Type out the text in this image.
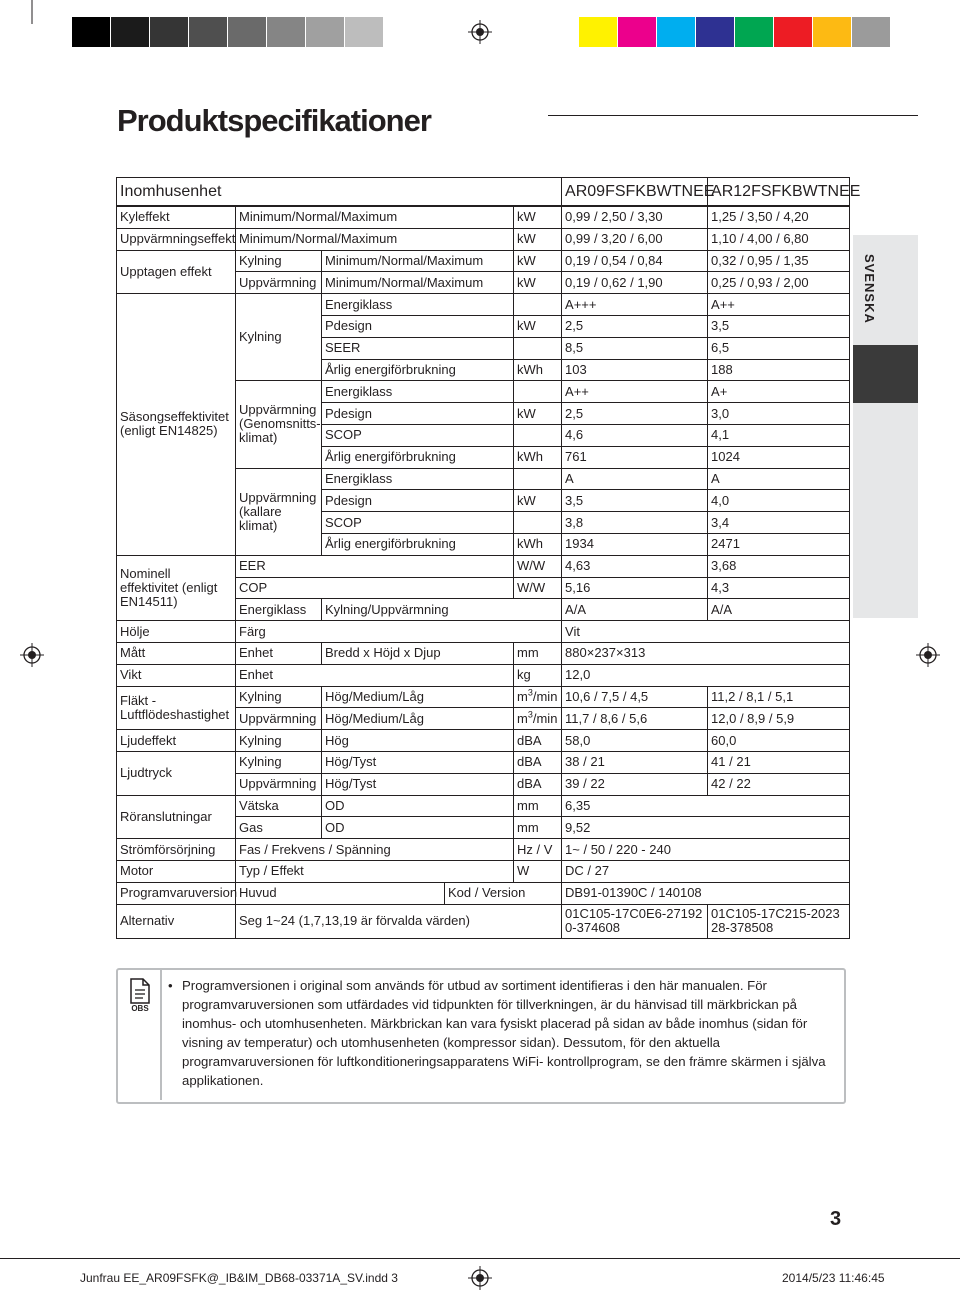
Produktspecifikationer
SVENSKA
Inomhusenhet					AR09FSFKBWTNEE	AR12FSFKBWTNEE
Kyleffekt	Minimum/Normal/Maximum			kW	0,99 / 2,50 / 3,30	1,25 / 3,50 / 4,20
Uppvärmningseffekt	Minimum/Normal/Maximum			kW	0,99 / 3,20 / 6,00	1,10 / 4,00 / 6,80
Upptagen effekt	Kylning	Minimum/Normal/Maximum		kW	0,19 / 0,54 / 0,84	0,32 / 0,95 / 1,35
	Uppvärmning	Minimum/Normal/Maximum		kW	0,19 / 0,62 / 1,90	0,25 / 0,93 / 2,00
Säsongseffektivitet (enligt EN14825)	Kylning	Energiklass			A+++	A++
		Pdesign		kW	2,5	3,5
		SEER			8,5	6,5
		Årlig energiförbrukning		kWh	103	188
	Uppvärmning (Genomsnitts-klimat)	Energiklass			A++	A+
		Pdesign		kW	2,5	3,0
		SCOP			4,6	4,1
		Årlig energiförbrukning		kWh	761	1024
	Uppvärmning (kallare klimat)	Energiklass			A	A
		Pdesign		kW	3,5	4,0
		SCOP			3,8	3,4
		Årlig energiförbrukning		kWh	1934	2471
Nominell effektivitet (enligt EN14511)	EER			W/W	4,63	3,68
	COP			W/W	5,16	4,3
	Energiklass	Kylning/Uppvärmning			A/A	A/A
Hölje	Färg				Vit	
Mått	Enhet	Bredd x Höjd x Djup		mm	880×237×313	
Vikt	Enhet			kg	12,0	
Fläkt - Luftflödeshastighet	Kylning	Hög/Medium/Låg		$m^3/\min$	10,6 / 7,5 / 4,5	11,2 / 8,1 / 5,1
	Uppvärmning	Hög/Medium/Låg		$m^3/\min$	11,7 / 8,6 / 5,6	12,0 / 8,9 / 5,9
Ljudeffekt	Kylning	Hög		dBA	58,0	60,0
Ljudtryck	Kylning	Hög/Tyst		dBA	38 / 21	41 / 21
	Uppvärmning	Hög/Tyst		dBA	39 / 22	42 / 22
Röranslutningar	Vätska	OD		mm	6,35	
	Gas	OD		mm	9,52	
Strömförsörjning	Fas / Frekvens / Spänning			Hz / V	1~ / 50 / 220 - 240	
Motor	Typ / Effekt			W	DC / 27	
Programvaruversion	Huvud		Kod / Version		DB91-01390C / 140108	
Alternativ	Seg 1~24 (1,7,13,19 är förvalda värden)				01C105-17C0E6-271920-374608	01C105-17C215-202328-378508
OBS
• Programversionen i original som används för utbud av sortiment identifieras i den här manualen. För programvaruversionen som utfärdades vid tidpunkten för tillverkningen, är du hänvisad till märkbrickan på inomhus- och utomhusenheten. Märkbrickan kan vara fysiskt placerad på sidan av både inomhus (sidan för visning av temperatur) och utomhusenheten (kompressor sidan). Dessutom, för den aktuella programvaruversionen för luftkonditioneringsapparatens WiFi- kontrollprogram, se den främre skärmen i själva applikationen.
3
Junfrau EE_AR09FSFK@_IB&IM_DB68-03371A_SV.indd 3	2014/5/23 11:46:45
